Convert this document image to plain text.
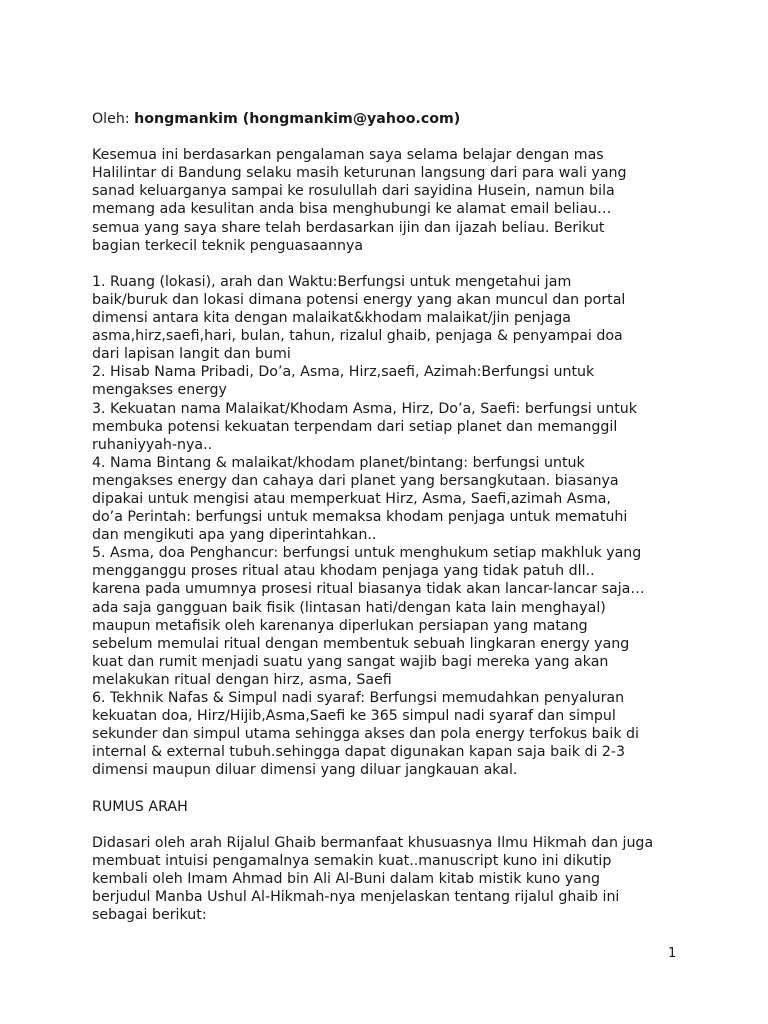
Oleh: hongmankim (hongmankim@yahoo.com)
Kesemua ini berdasarkan pengalaman saya selama belajar dengan mas
Halilintar di Bandung selaku masih keturunan langsung dari para wali yang
sanad keluarganya sampai ke rosulullah dari sayidina Husein, namun bila
memang ada kesulitan anda bisa menghubungi ke alamat email beliau…
semua yang saya share telah berdasarkan ijin dan ijazah beliau. Berikut
bagian terkecil teknik penguasaannya
1. Ruang (lokasi), arah dan Waktu:Berfungsi untuk mengetahui jam
baik/buruk dan lokasi dimana potensi energy yang akan muncul dan portal
dimensi antara kita dengan malaikat&khodam malaikat/jin penjaga
asma,hirz,saefi,hari, bulan, tahun, rizalul ghaib, penjaga & penyampai doa
dari lapisan langit dan bumi
2. Hisab Nama Pribadi, Do’a, Asma, Hirz,saefi, Azimah:Berfungsi untuk
mengakses energy
3. Kekuatan nama Malaikat/Khodam Asma, Hirz, Do’a, Saefi: berfungsi untuk
membuka potensi kekuatan terpendam dari setiap planet dan memanggil
ruhaniyyah-nya..
4. Nama Bintang & malaikat/khodam planet/bintang: berfungsi untuk
mengakses energy dan cahaya dari planet yang bersangkutaan. biasanya
dipakai untuk mengisi atau memperkuat Hirz, Asma, Saefi,azimah Asma,
do’a Perintah: berfungsi untuk memaksa khodam penjaga untuk mematuhi
dan mengikuti apa yang diperintahkan..
5. Asma, doa Penghancur: berfungsi untuk menghukum setiap makhluk yang
mengganggu proses ritual atau khodam penjaga yang tidak patuh dll..
karena pada umumnya prosesi ritual biasanya tidak akan lancar-lancar saja…
ada saja gangguan baik fisik (lintasan hati/dengan kata lain menghayal)
maupun metafisik oleh karenanya diperlukan persiapan yang matang
sebelum memulai ritual dengan membentuk sebuah lingkaran energy yang
kuat dan rumit menjadi suatu yang sangat wajib bagi mereka yang akan
melakukan ritual dengan hirz, asma, Saefi
6. Tekhnik Nafas & Simpul nadi syaraf: Berfungsi memudahkan penyaluran
kekuatan doa, Hirz/Hijib,Asma,Saefi ke 365 simpul nadi syaraf dan simpul
sekunder dan simpul utama sehingga akses dan pola energy terfokus baik di
internal & external tubuh.sehingga dapat digunakan kapan saja baik di 2-3
dimensi maupun diluar dimensi yang diluar jangkauan akal.
RUMUS ARAH
Didasari oleh arah Rijalul Ghaib bermanfaat khusuasnya Ilmu Hikmah dan juga
membuat intuisi pengamalnya semakin kuat..manuscript kuno ini dikutip
kembali oleh Imam Ahmad bin Ali Al-Buni dalam kitab mistik kuno yang
berjudul Manba Ushul Al-Hikmah-nya menjelaskan tentang rijalul ghaib ini
sebagai berikut:
1
